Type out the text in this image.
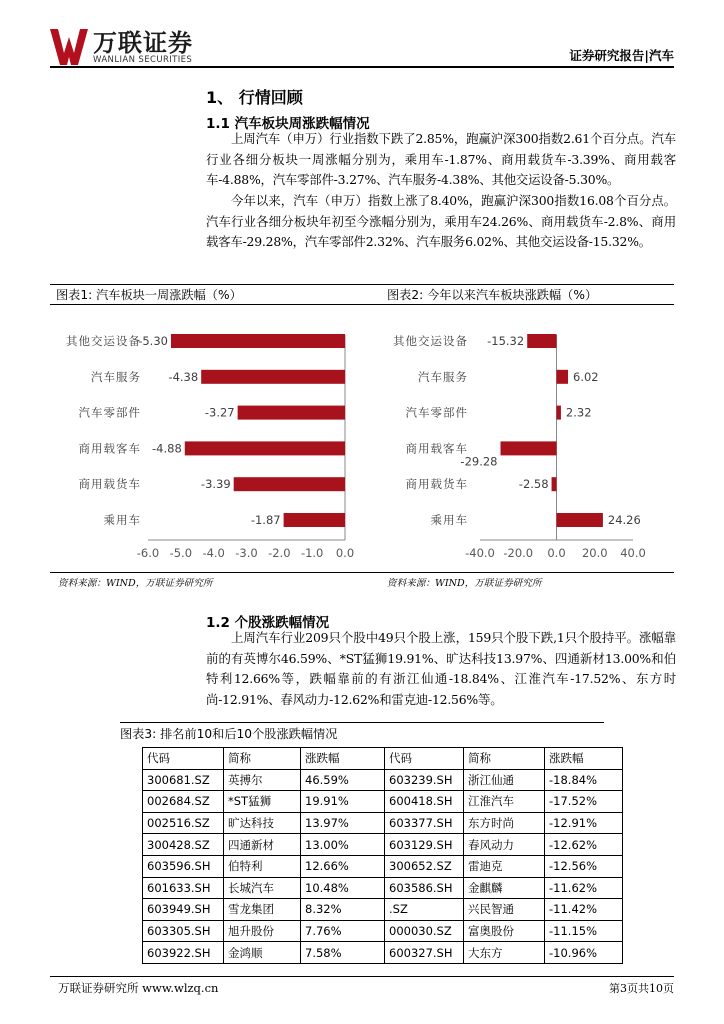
万联证券
WANLIAN SECURITIES	证券研究报告|汽车
1、 行情回顾
1.1 汽车板块周涨跌幅情况
上周汽车（申万）行业指数下跌了2.85%，跑赢沪深300指数2.61个百分点。汽车行业各细分板块一周涨幅分别为，乘用车-1.87%、商用载货车-3.39%、商用载客车-4.88%，汽车零部件-3.27%、汽车服务-4.38%、其他交运设备-5.30%。
今年以来，汽车（申万）指数上涨了8.40%，跑赢沪深300指数16.08个百分点。汽车行业各细分板块年初至今涨幅分别为，乘用车24.26%、商用载货车-2.8%、商用载客车-29.28%，汽车零部件2.32%、汽车服务6.02%、其他交运设备-15.32%。
图表1: 汽车板块一周涨跌幅（%）	图表2: 今年以来汽车板块涨跌幅（%）
-6.0 -5.0 -4.0 -3.0 -2.0 -1.0 0.0
其他交运设备
-5.30
汽车服务 -4.38
汽车零部件	-3.27
商用载客车 -4.88
商用载货车	-3.39
乘用车	-1.87
-40.0 -20.0 0.0 20.0 40.0
其他交运设备 -15.32
汽车服务	6.02
汽车零部件	2.32
商用载客车
-29.28
商用载货车	-2.58
乘用车	24.26
资料来源：WIND，万联证券研究所	资料来源：WIND，万联证券研究所
1.2 个股涨跌幅情况
上周汽车行业209只个股中49只个股上涨，159只个股下跌,1只个股持平。涨幅靠前的有英博尔46.59%、*ST猛狮19.91%、旷达科技13.97%、四通新材13.00%和伯特利12.66%等，跌幅靠前的有浙江仙通-18.84%、江淮汽车-17.52%、东方时尚-12.91%、春风动力-12.62%和雷克迪-12.56%等。
图表3: 排名前10和后10个股涨跌幅情况
代码	简称	涨跌幅	代码	简称	涨跌幅
300681.SZ	英搏尔	46.59%	603239.SH	浙江仙通	-18.84%
002684.SZ	*ST猛狮	19.91%	600418.SH	江淮汽车	-17.52%
002516.SZ	旷达科技	13.97%	603377.SH	东方时尚	-12.91%
300428.SZ	四通新材	13.00%	603129.SH	春风动力	-12.62%
603596.SH	伯特利	12.66%	300652.SZ	雷迪克	-12.56%
601633.SH	长城汽车	10.48%	603586.SH	金麒麟	-11.62%
603949.SH	雪龙集团	8.32%	.SZ	兴民智通	-11.42%
603305.SH	旭升股份	7.76%	000030.SZ	富奥股份	-11.15%
603922.SH	金鸿顺	7.58%	600327.SH	大东方	-10.96%
万联证券研究所 www.wlzq.cn	第3页共10页
